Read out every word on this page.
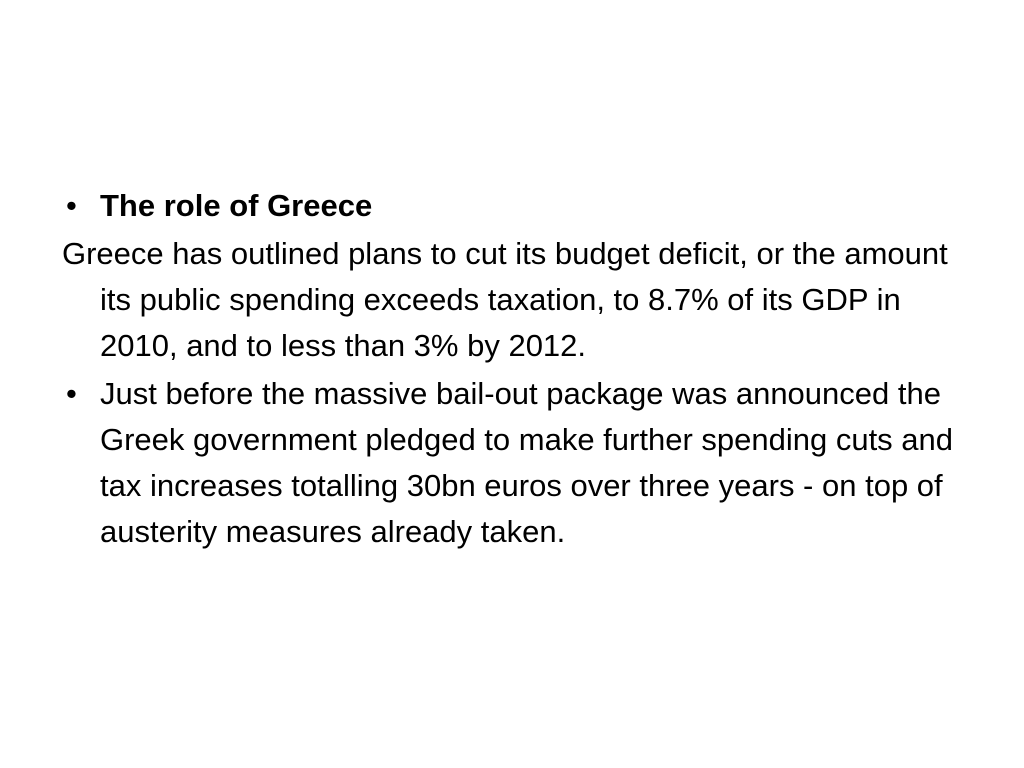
• The role of Greece

Greece has outlined plans to cut its budget deficit, or the amount its public spending exceeds taxation, to 8.7% of its GDP in 2010, and to less than 3% by 2012.

• Just before the massive bail-out package was announced the Greek government pledged to make further spending cuts and tax increases totalling 30bn euros over three years - on top of austerity measures already taken.
